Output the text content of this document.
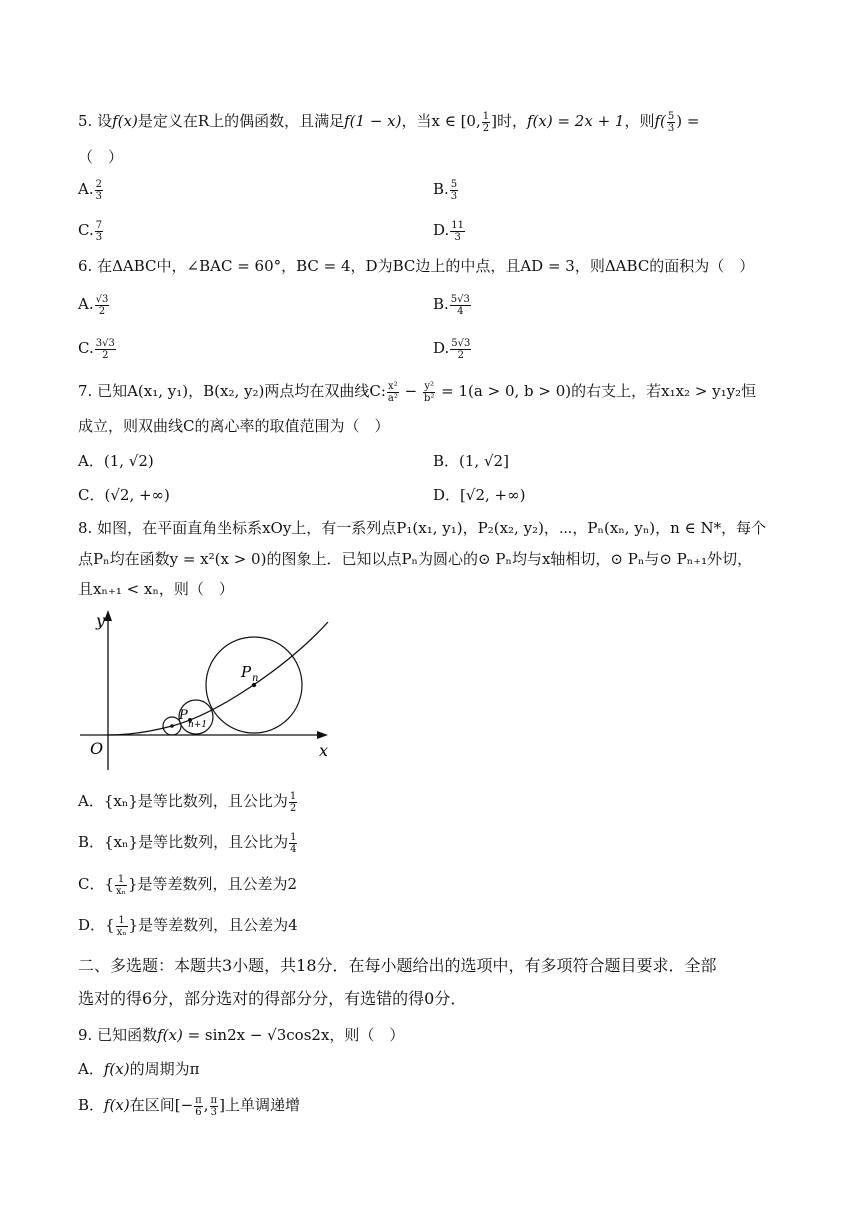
5. 设f(x)是定义在R上的偶函数，且满足f(1 − x)，当x ∈ [0, $\frac{1}{2}$ ]时，f(x) = 2x + 1，则$f( \frac{5}{3}$ ) =
（　）
A. $\frac{2}{3}$	B. $\frac{5}{3}$
C. $\frac{7}{3}$	D. $\frac{11}{3}$
6. 在ΔABC中，∠BAC = 60°，BC = 4，D为BC边上的中点，且AD = 3，则ΔABC的面积为（　）
A. $\frac{√3}{2}$	B. $\frac{5√3}{4}$
C. $\frac{3√3}{2}$	D. $\frac{5√3}{2}$
7. 已知A(x₁, y₁)，B(x₂, y₂)两点均在双曲线C: $\frac{\text{x²}}{\text{a²}} - \frac{\text{y²}}{\text{b²}} = 1(a > 0$, b > 0)的右支上，若x₁x₂ > y₁y₂恒
成立，则双曲线C的离心率的取值范围为（　）
A．(1, √2)	B．(1, √2]
C．(√2, +∞)	D．[√2, +∞)
8. 如图，在平面直角坐标系xOy上，有一系列点P₁(x₁, y₁)，P₂(x₂, y₂)，⋯，Pₙ(xₙ, yₙ)，n ∈ N*，每个
点Pₙ均在函数y = x²(x > 0)的图象上．已知以点Pₙ为圆心的⊙ Pₙ均与x轴相切，⊙ Pₙ与⊙ Pₙ₊₁外切，
且xₙ₊₁ < xₙ，则（　）
y
x
O
P n
P
n+1
A．{xₙ}是等比数列，且公比为 $\frac{1}{2}$
B．{xₙ}是等比数列，且公比为 $\frac{1}{4}$
C．{ $\frac{1}{\text{xₙ}}$ }是等差数列，且公差为2
D．{ $\frac{1}{\text{xₙ}}$ }是等差数列，且公差为4
二、多选题：本题共3小题，共18分．在每小题给出的选项中，有多项符合题目要求．全部
选对的得6分，部分选对的得部分分，有选错的得0分．
9. 已知函数f(x) = sin2x − √3cos2x，则（　）
A．f(x)的周期为π
B．f(x)在区间[− $\frac{\pi}{6}$ , $\frac{\pi}{3}$ ]上单调递增
